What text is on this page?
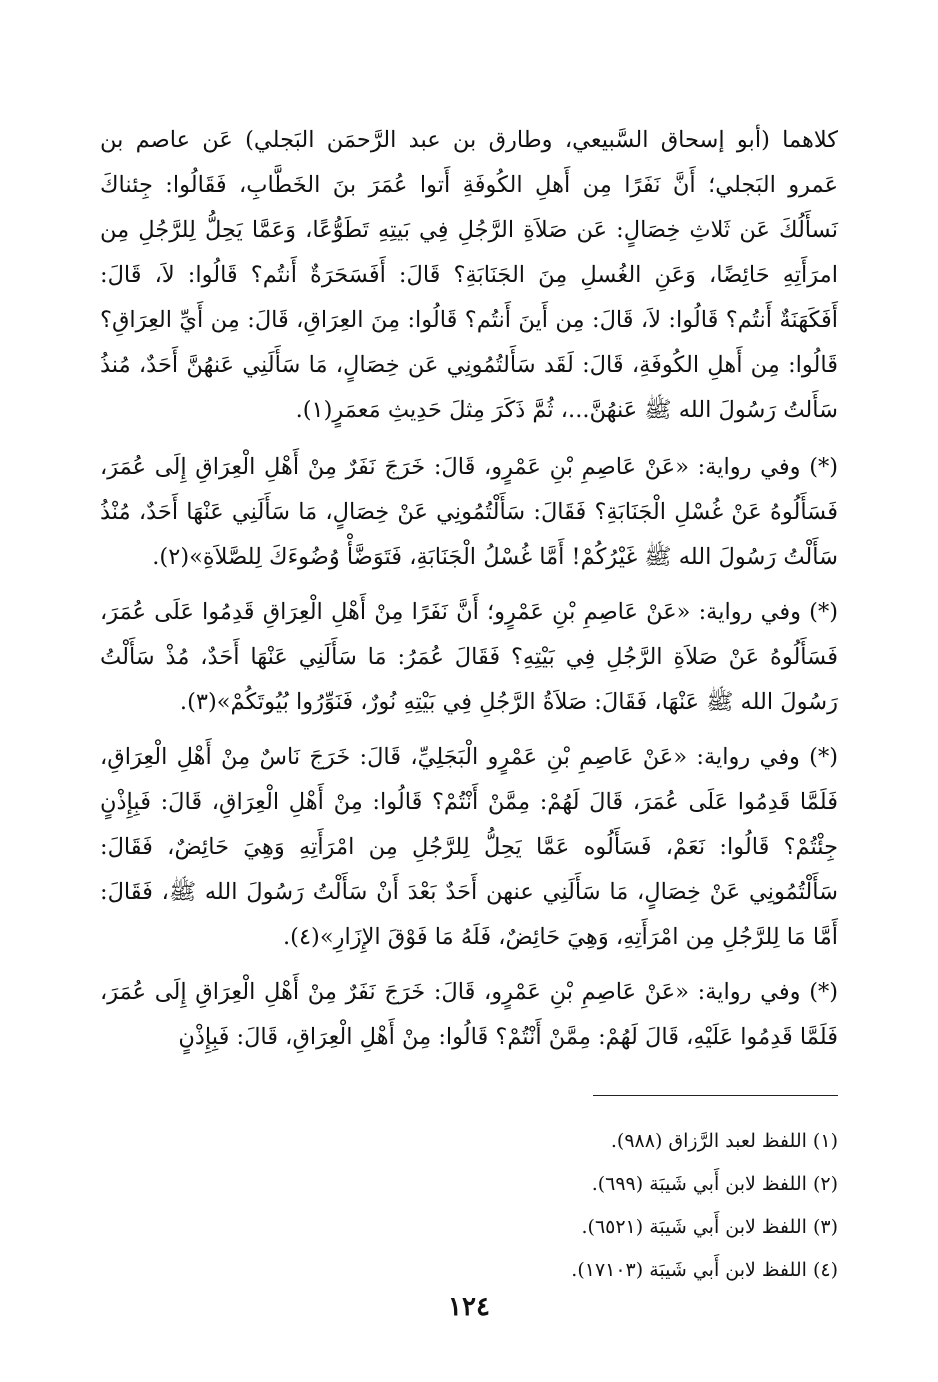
كلاهما (أبو إسحاق السَّبيعي، وطارق بن عبد الرَّحمَن البَجلي) عَن عاصم بن عَمرو البَجلي؛ أَنَّ نَفَرًا مِن أَهلِ الكُوفَةِ أَتوا عُمَرَ بنَ الخَطَّابِ، فَقَالُوا: جِئناكَ نَسأَلُكَ عَن ثَلاثِ خِصَالٍ: عَن صَلاَةِ الرَّجُلِ فِي بَيتِهِ تَطَوُّعًا، وَعَمَّا يَحِلُّ لِلرَّجُلِ مِن امرَأَتِهِ حَائِضًا، وَعَنِ الغُسلِ مِنَ الجَنَابَةِ؟ قَالَ: أَفَسَحَرَةٌ أَنتُم؟ قَالُوا: لاَ، قَالَ: أَفَكَهَنَةٌ أَنتُم؟ قَالُوا: لاَ، قَالَ: مِن أَينَ أَنتُم؟ قَالُوا: مِنَ العِرَاقِ، قَالَ: مِن أَيِّ العِرَاقِ؟ قَالُوا: مِن أَهلِ الكُوفَةِ، قَالَ: لَقَد سَأَلتُمُونِي عَن خِصَالٍ، مَا سَأَلَنِي عَنهُنَّ أَحَدٌ، مُنذُ سَأَلتُ رَسُولَ الله ﷺ عَنهُنَّ...، ثُمَّ ذَكَرَ مِثلَ حَدِيثِ مَعمَرٍ(١).

(*) وفي رواية: «عَنْ عَاصِمِ بْنِ عَمْرٍو، قَالَ: خَرَجَ نَفَرٌ مِنْ أَهْلِ الْعِرَاقِ إِلَى عُمَرَ، فَسَأَلُوهُ عَنْ غُسْلِ الْجَنَابَةِ؟ فَقَالَ: سَأَلْتُمُونِي عَنْ خِصَالٍ، مَا سَأَلَنِي عَنْهَا أَحَدٌ، مُنْذُ سَأَلْتُ رَسُولَ الله ﷺ غَيْرُكُمْ! أَمَّا غُسْلُ الْجَنَابَةِ، فَتَوَضَّأْ وُضُوءَكَ لِلصَّلاَةِ»(٢).

(*) وفي رواية: «عَنْ عَاصِمِ بْنِ عَمْرٍو؛ أَنَّ نَفَرًا مِنْ أَهْلِ الْعِرَاقِ قَدِمُوا عَلَى عُمَرَ، فَسَأَلُوهُ عَنْ صَلاَةِ الرَّجُلِ فِي بَيْتِهِ؟ فَقَالَ عُمَرُ: مَا سَأَلَنِي عَنْهَا أَحَدٌ، مُذْ سَأَلْتُ رَسُولَ الله ﷺ عَنْهَا، فَقَالَ: صَلاَةُ الرَّجُلِ فِي بَيْتِهِ نُورٌ، فَنَوِّرُوا بُيُوتَكُمْ»(٣).

(*) وفي رواية: «عَنْ عَاصِمِ بْنِ عَمْرٍو الْبَجَلِيِّ، قَالَ: خَرَجَ نَاسٌ مِنْ أَهْلِ الْعِرَاقِ، فَلَمَّا قَدِمُوا عَلَى عُمَرَ، قَالَ لَهُمْ: مِمَّنْ أَنْتُمْ؟ قَالُوا: مِنْ أَهْلِ الْعِرَاقِ، قَالَ: فَبِإِذْنٍ جِئْتُمْ؟ قَالُوا: نَعَمْ، فَسَأَلُوه عَمَّا يَحِلُّ لِلرَّجُلِ مِن امْرَأَتِهِ وَهِيَ حَائِضٌ، فَقَالَ: سَأَلْتُمُونِي عَنْ خِصَالٍ، مَا سَأَلَنِي عنهن أَحَدٌ بَعْدَ أَنْ سَأَلْتُ رَسُولَ الله ﷺ، فَقَالَ: أَمَّا مَا لِلرَّجُلِ مِن امْرَأَتِهِ، وَهِيَ حَائِضٌ، فَلَهُ مَا فَوْقَ الإِزَارِ»(٤).

(*) وفي رواية: «عَنْ عَاصِمِ بْنِ عَمْرٍو، قَالَ: خَرَجَ نَفَرٌ مِنْ أَهْلِ الْعِرَاقِ إِلَى عُمَرَ، فَلَمَّا قَدِمُوا عَلَيْهِ، قَالَ لَهُمْ: مِمَّنْ أَنْتُمْ؟ قَالُوا: مِنْ أَهْلِ الْعِرَاقِ، قَالَ: فَبِإِذْنٍ

(١) اللفظ لعبد الرَّزاق (٩٨٨).
(٢) اللفظ لابن أَبي شَيبَة (٦٩٩).
(٣) اللفظ لابن أَبي شَيبَة (٦٥٢١).
(٤) اللفظ لابن أَبي شَيبَة (١٧١٠٣).
١٢٤
